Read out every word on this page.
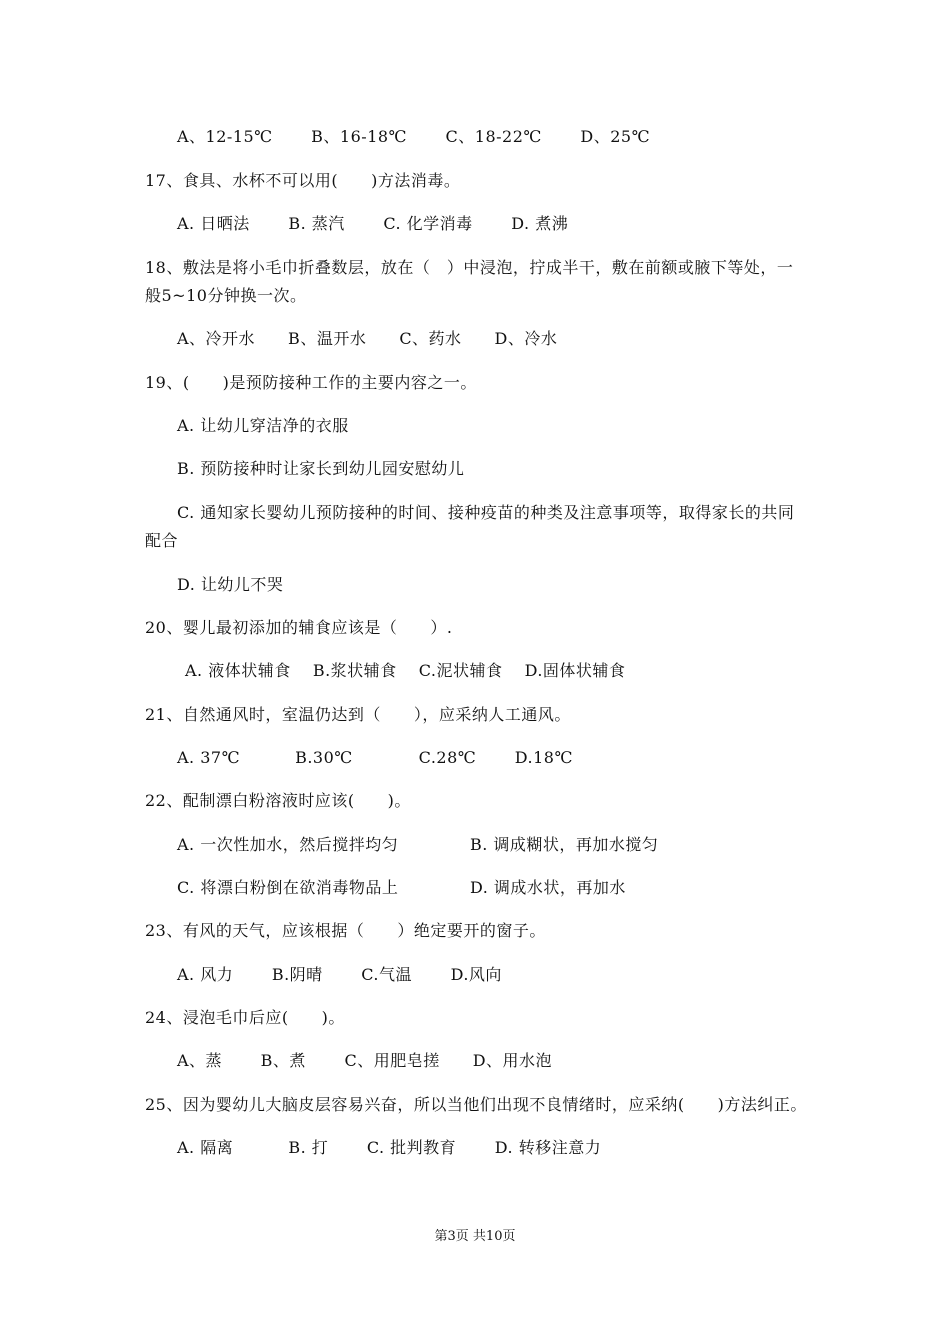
A、12-15℃　　 B、16-18℃　　 C、18-22℃　　 D、25℃
17、食具、水杯不可以用(　　)方法消毒。
A. 日晒法　　 B. 蒸汽　　 C. 化学消毒　　 D. 煮沸
18、敷法是将小毛巾折叠数层，放在（　）中浸泡，拧成半干，敷在前额或腋下等处，一
般5~10分钟换一次。
A、冷开水　　B、温开水　　C、药水　　D、冷水
19、(　　)是预防接种工作的主要内容之一。
A. 让幼儿穿洁净的衣服
B. 预防接种时让家长到幼儿园安慰幼儿
C. 通知家长婴幼儿预防接种的时间、接种疫苗的种类及注意事项等，取得家长的共同
配合
D. 让幼儿不哭
20、婴儿最初添加的辅食应该是（　　）.
A. 液体状辅食　 B.浆状辅食　 C.泥状辅食　 D.固体状辅食
21、自然通风时，室温仍达到（　　），应采纳人工通风。
A. 37℃　　　 B.30℃　　　　C.28℃　　 D.18℃
22、配制漂白粉溶液时应该(　　)。
A. 一次性加水，然后搅拌均匀	B. 调成糊状，再加水搅匀
C. 将漂白粉倒在欲消毒物品上	D. 调成水状，再加水
23、有风的天气，应该根据（　　）绝定要开的窗子。
A. 风力　　 B.阴晴　　 C.气温　　 D.风向
24、浸泡毛巾后应(　　)。
A、蒸　　 B、煮　　 C、用肥皂搓　　D、用水泡
25、因为婴幼儿大脑皮层容易兴奋，所以当他们出现不良情绪时，应采纳(　　)方法纠正。
A. 隔离　　　 B. 打　　 C. 批判教育　　 D. 转移注意力
第3页 共10页
